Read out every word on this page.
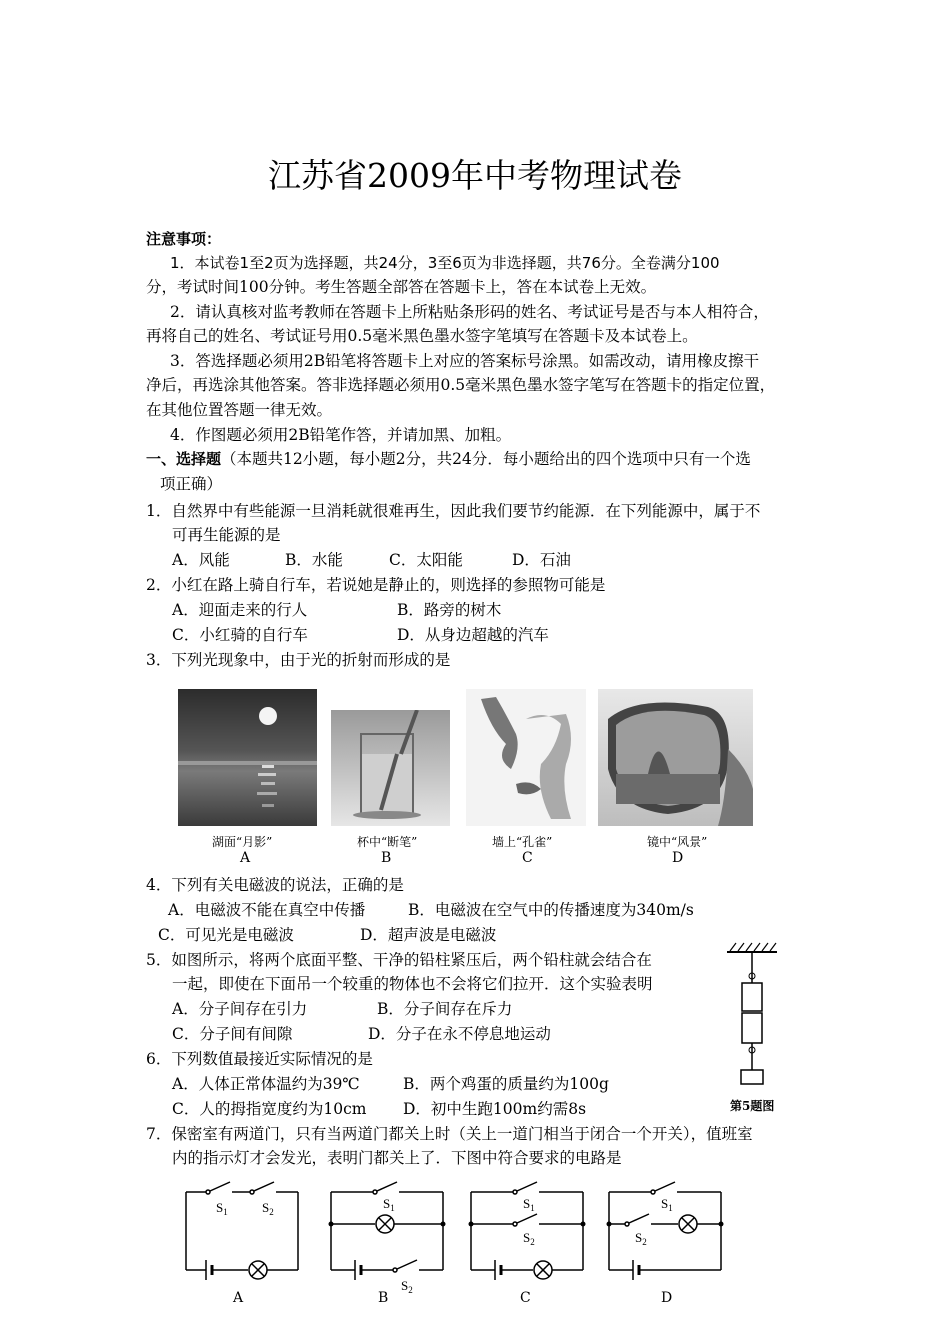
江苏省2009年中考物理试卷
注意事项：
1．本试卷1至2页为选择题，共24分，3至6页为非选择题，共76分。全卷满分100
分，考试时间100分钟。考生答题全部答在答题卡上，答在本试卷上无效。
2．请认真核对监考教师在答题卡上所粘贴条形码的姓名、考试证号是否与本人相符合，
再将自己的姓名、考试证号用0.5毫米黑色墨水签字笔填写在答题卡及本试卷上。
3．答选择题必须用2B铅笔将答题卡上对应的答案标号涂黑。如需改动，请用橡皮擦干
净后，再选涂其他答案。答非选择题必须用0.5毫米黑色墨水签字笔写在答题卡的指定位置，
在其他位置答题一律无效。
4．作图题必须用2B铅笔作答，并请加黑、加粗。
一、选择题（本题共12小题，每小题2分，共24分．每小题给出的四个选项中只有一个选
项正确）
1．自然界中有些能源一旦消耗就很难再生，因此我们要节约能源．在下列能源中，属于不
可再生能源的是
A．风能	B．水能	C．太阳能	D．石油
2．小红在路上骑自行车，若说她是静止的，则选择的参照物可能是
A．迎面走来的行人	B．路旁的树木
C．小红骑的自行车	D．从身边超越的汽车
3．下列光现象中，由于光的折射而形成的是
湖面“月影”
A
杯中“断笔”
B
墙上“孔雀”
C
镜中“风景”
D
4．下列有关电磁波的说法，正确的是
A．电磁波不能在真空中传播	B．电磁波在空气中的传播速度为340m/s
C．可见光是电磁波	D．超声波是电磁波
5．如图所示，将两个底面平整、干净的铅柱紧压后，两个铅柱就会结合在
一起，即使在下面吊一个较重的物体也不会将它们拉开．这个实验表明
A．分子间存在引力	B．分子间存在斥力
C．分子间有间隙	D．分子在永不停息地运动
第5题图
6．下列数值最接近实际情况的是
A．人体正常体温约为39℃	B．两个鸡蛋的质量约为100g
C．人的拇指宽度约为10cm D．初中生跑100m约需8s
7．保密室有两道门，只有当两道门都关上时（关上一道门相当于闭合一个开关），值班室
内的指示灯才会发光，表明门都关上了．下图中符合要求的电路是
$S_1$	$S_2$
A
$S_1$
$S_2$
B
$S_1$
$S_2$
C
$S_1$
$S_2$
D
